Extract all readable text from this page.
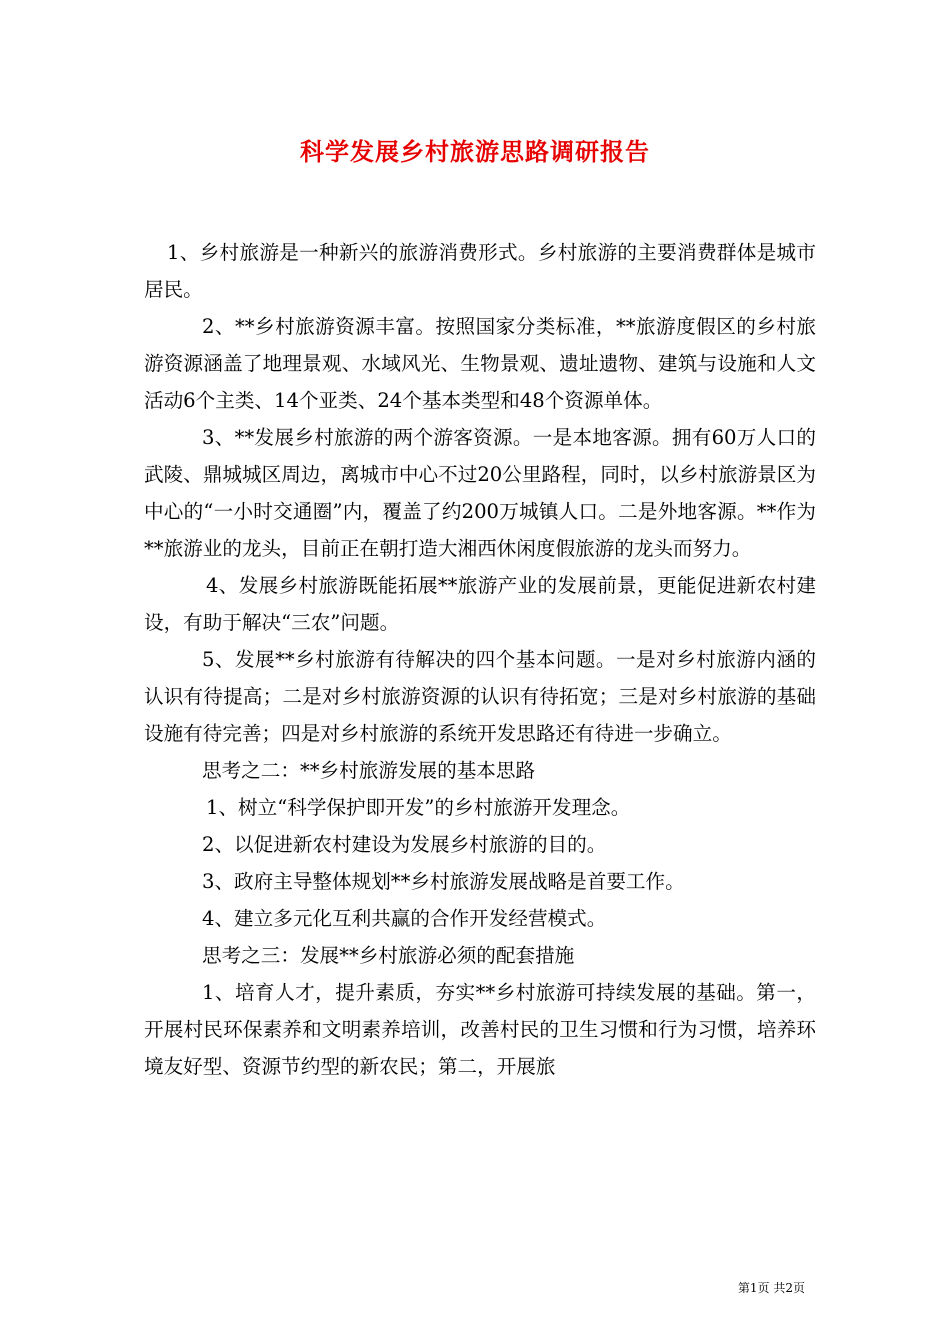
科学发展乡村旅游思路调研报告

1、乡村旅游是一种新兴的旅游消费形式。乡村旅游的主要消费群体是城市居民。

2、**乡村旅游资源丰富。按照国家分类标准，**旅游度假区的乡村旅游资源涵盖了地理景观、水域风光、生物景观、遗址遗物、建筑与设施和人文活动6个主类、14个亚类、24个基本类型和48个资源单体。

3、**发展乡村旅游的两个游客资源。一是本地客源。拥有60万人口的武陵、鼎城城区周边，离城市中心不过20公里路程，同时，以乡村旅游景区为中心的“一小时交通圈”内，覆盖了约200万城镇人口。二是外地客源。**作为**旅游业的龙头，目前正在朝打造大湘西休闲度假旅游的龙头而努力。

4、发展乡村旅游既能拓展**旅游产业的发展前景，更能促进新农村建设，有助于解决“三农”问题。

5、发展**乡村旅游有待解决的四个基本问题。一是对乡村旅游内涵的认识有待提高；二是对乡村旅游资源的认识有待拓宽；三是对乡村旅游的基础设施有待完善；四是对乡村旅游的系统开发思路还有待进一步确立。

思考之二：**乡村旅游发展的基本思路

1、树立“科学保护即开发”的乡村旅游开发理念。

2、以促进新农村建设为发展乡村旅游的目的。

3、政府主导整体规划**乡村旅游发展战略是首要工作。

4、建立多元化互利共赢的合作开发经营模式。

思考之三：发展**乡村旅游必须的配套措施

1、培育人才，提升素质，夯实**乡村旅游可持续发展的基础。第一，开展村民环保素养和文明素养培训，改善村民的卫生习惯和行为习惯，培养环境友好型、资源节约型的新农民；第二，开展旅

第1页 共2页
